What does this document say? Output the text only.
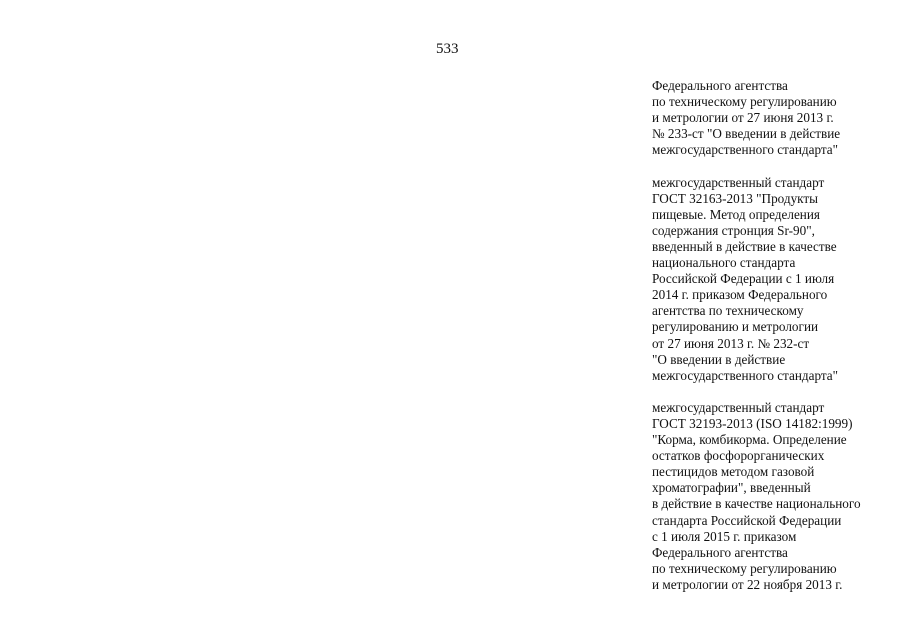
533
Федерального агентства
по техническому регулированию
и метрологии от 27 июня 2013 г.
№ 233-ст "О введении в действие
межгосударственного стандарта"
межгосударственный стандарт
ГОСТ 32163-2013 "Продукты
пищевые. Метод определения
содержания стронция Sr-90",
введенный в действие в качестве
национального стандарта
Российской Федерации с 1 июля
2014 г. приказом Федерального
агентства по техническому
регулированию и метрологии
от 27 июня 2013 г. № 232-ст
"О введении в действие
межгосударственного стандарта"
межгосударственный стандарт
ГОСТ 32193-2013 (ISO 14182:1999)
"Корма, комбикорма. Определение
остатков фосфорорганических
пестицидов методом газовой
хроматографии", введенный
в действие в качестве национального
стандарта Российской Федерации
с 1 июля 2015 г. приказом
Федерального агентства
по техническому регулированию
и метрологии от 22 ноября 2013 г.
